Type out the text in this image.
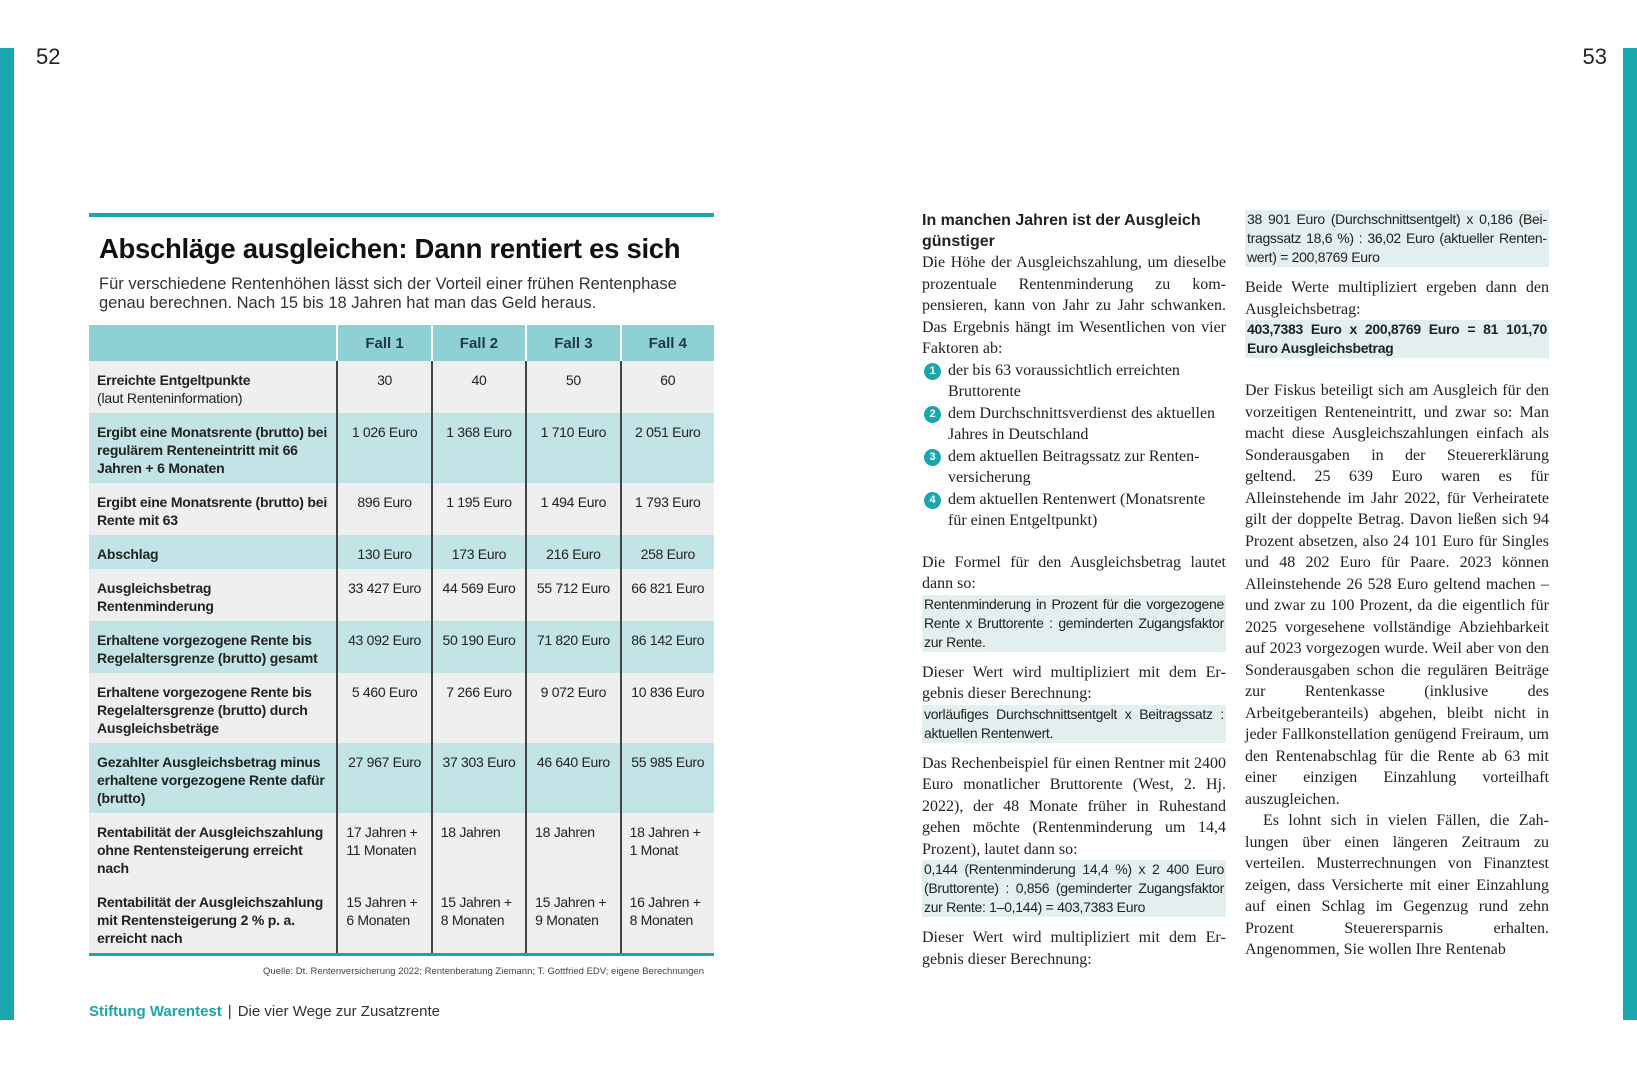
52	53
Abschläge ausgleichen: Dann rentiert es sich
Für verschiedene Rentenhöhen lässt sich der Vorteil einer frühen Rentenphase genau berechnen. Nach 15 bis 18 Jahren hat man das Geld heraus.
	Fall 1	Fall 2	Fall 3	Fall 4

Erreichte Entgeltpunkte
(laut Renteninformation)	30	40	50	60
Ergibt eine Monatsrente (brutto) bei regulärem Renteneintritt mit 66 Jahren + 6 Monaten	1 026 Euro	1 368 Euro	1 710 Euro	2 051 Euro
Ergibt eine Monatsrente (brutto) bei Rente mit 63	896 Euro	1 195 Euro	1 494 Euro	1 793 Euro
Abschlag	130 Euro	173 Euro	216 Euro	258 Euro
Ausgleichsbetrag Rentenminderung	33 427 Euro	44 569 Euro	55 712 Euro	66 821 Euro
Erhaltene vorgezogene Rente bis Regelaltersgrenze (brutto) gesamt	43 092 Euro	50 190 Euro	71 820 Euro	86 142 Euro
Erhaltene vorgezogene Rente bis Regelaltersgrenze (brutto) durch Ausgleichsbeträge	5 460 Euro	7 266 Euro	9 072 Euro	10 836 Euro
Gezahlter Ausgleichsbetrag minus erhaltene vorgezogene Rente dafür (brutto)	27 967 Euro	37 303 Euro	46 640 Euro	55 985 Euro
Rentabilität der Ausgleichszahlung ohne Rentensteigerung erreicht nach	17 Jahren + 11 Monaten	18 Jahren	18 Jahren	18 Jahren + 1 Monat
Rentabilität der Ausgleichszahlung mit Rentensteigerung 2 % p. a. erreicht nach	15 Jahren + 6 Monaten	15 Jahren + 8 Monaten	15 Jahren + 9 Monaten	16 Jahren + 8 Monaten
Quelle: Dt. Rentenversicherung 2022; Rentenberatung Ziemann; T. Gottfried EDV; eigene Berechnungen
Stiftung Warentest | Die vier Wege zur Zusatzrente
In manchen Jahren ist der Ausgleich günstiger

Die Höhe der Ausgleichszahlung, um dieselbe prozentuale Rentenminderung zu kompensieren, kann von Jahr zu Jahr schwanken. Das Ergebnis hängt im Wesentlichen von vier Faktoren ab:

1 der bis 63 voraussichtlich erreichten Bruttorente
2 dem Durchschnittsverdienst des aktuellen Jahres in Deutschland
3 dem aktuellen Beitragssatz zur Rentenversicherung
4 dem aktuellen Rentenwert (Monatsrente für einen Entgeltpunkt)

Die Formel für den Ausgleichsbetrag lautet dann so:

Rentenminderung in Prozent für die vorgezogene Rente x Bruttorente : geminderten Zugangsfaktor zur Rente.

Dieser Wert wird multipliziert mit dem Ergebnis dieser Berechnung:

vorläufiges Durchschnittsentgelt x Beitragssatz : aktuellen Rentenwert.

Das Rechenbeispiel für einen Rentner mit 2400 Euro monatlicher Bruttorente (West, 2. Hj. 2022), der 48 Monate früher in Ruhestand gehen möchte (Rentenminderung um 14,4 Prozent), lautet dann so:

0,144 (Rentenminderung 14,4 %) x 2 400 Euro (Bruttorente) : 0,856 (geminderter Zugangsfaktor zur Rente: 1–0,144) = 403,7383 Euro

Dieser Wert wird multipliziert mit dem Ergebnis dieser Berechnung:

38 901 Euro (Durchschnittsentgelt) x 0,186 (Beitragssatz 18,6 %) : 36,02 Euro (aktueller Rentenwert) = 200,8769 Euro

Beide Werte multipliziert ergeben dann den Ausgleichsbetrag:

403,7383 Euro x 200,8769 Euro = 81 101,70 Euro Ausgleichsbetrag

Der Fiskus beteiligt sich am Ausgleich für den vorzeitigen Renteneintritt, und zwar so: Man macht diese Ausgleichszahlungen einfach als Sonderausgaben in der Steuererklärung geltend. 25 639 Euro waren es für Alleinstehende im Jahr 2022, für Verheiratete gilt der doppelte Betrag. Davon ließen sich 94 Prozent absetzen, also 24 101 Euro für Singles und 48 202 Euro für Paare. 2023 können Alleinstehende 26 528 Euro geltend machen – und zwar zu 100 Prozent, da die eigentlich für 2025 vorgesehene vollständige Abziehbarkeit auf 2023 vorgezogen wurde. Weil aber von den Sonderausgaben schon die regulären Beiträge zur Rentenkasse (inklusive des Arbeitgeberanteils) abgehen, bleibt nicht in jeder Fallkonstellation genügend Freiraum, um den Rentenabschlag für die Rente ab 63 mit einer einzigen Einzahlung vorteilhaft auszugleichen.

Es lohnt sich in vielen Fällen, die Zahlungen über einen längeren Zeitraum zu verteilen. Musterrechnungen von Finanztest zeigen, dass Versicherte mit einer Einzahlung auf einen Schlag im Gegenzug rund zehn Prozent Steuerersparnis erhalten. Angenommen, Sie wollen Ihre Rentenab
